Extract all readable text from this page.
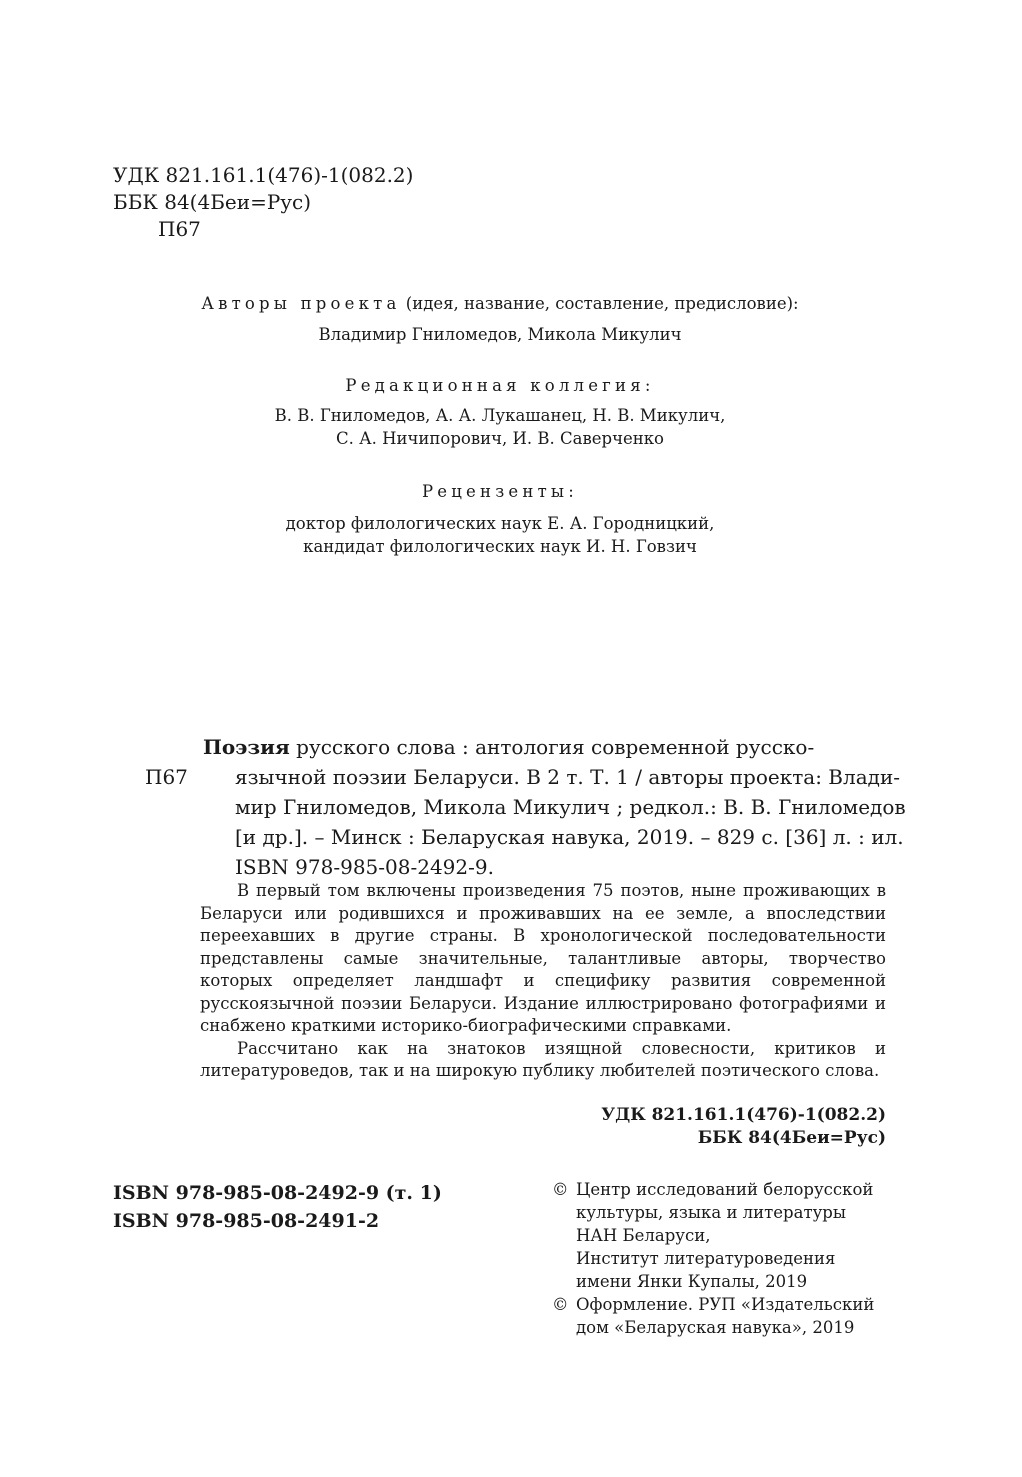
УДК 821.161.1(476)-1(082.2)
ББК 84(4Беи=Рус)
П67
Авторы проекта (идея, название, составление, предисловие):
Владимир Гниломедов, Микола Микулич
Редакционная коллегия:
В. В. Гниломедов, А. А. Лукашанец, Н. В. Микулич,
С. А. Ничипорович, И. В. Саверченко
Рецензенты:
доктор филологических наук Е. А. Городницкий,
кандидат филологических наук И. Н. Говзич
Поэзия русского слова : антология современной русско-
П67 язычной поэзии Беларуси. В 2 т. Т. 1 / авторы проекта: Влади-
мир Гниломедов, Микола Микулич ; редкол.: В. В. Гниломедов
[и др.]. – Минск : Беларуская навука, 2019. – 829 с. [36] л. : ил.
ISBN 978-985-08-2492-9.

В первый том включены произведения 75 поэтов, ныне проживающих в Беларуси или родившихся и проживавших на ее земле, а впоследствии переехавших в другие страны. В хронологической последовательности представлены самые значительные, талантливые авторы, творчество которых определяет ландшафт и специфику развития современной русскоязычной поэзии Беларуси. Издание иллюстрировано фотографиями и снабжено краткими историко-биографическими справками.

Рассчитано как на знатоков изящной словесности, критиков и литературоведов, так и на широкую публику любителей поэтического слова.

УДК 821.161.1(476)-1(082.2)
ББК 84(4Беи=Рус)
ISBN 978-985-08-2492-9 (т. 1)
ISBN 978-985-08-2491-2
© Центр исследований белорусской
культуры, языка и литературы
НАН Беларуси,
Институт литературоведения
имени Янки Купалы, 2019
© Оформление. РУП «Издательский
дом «Беларуская навука», 2019
